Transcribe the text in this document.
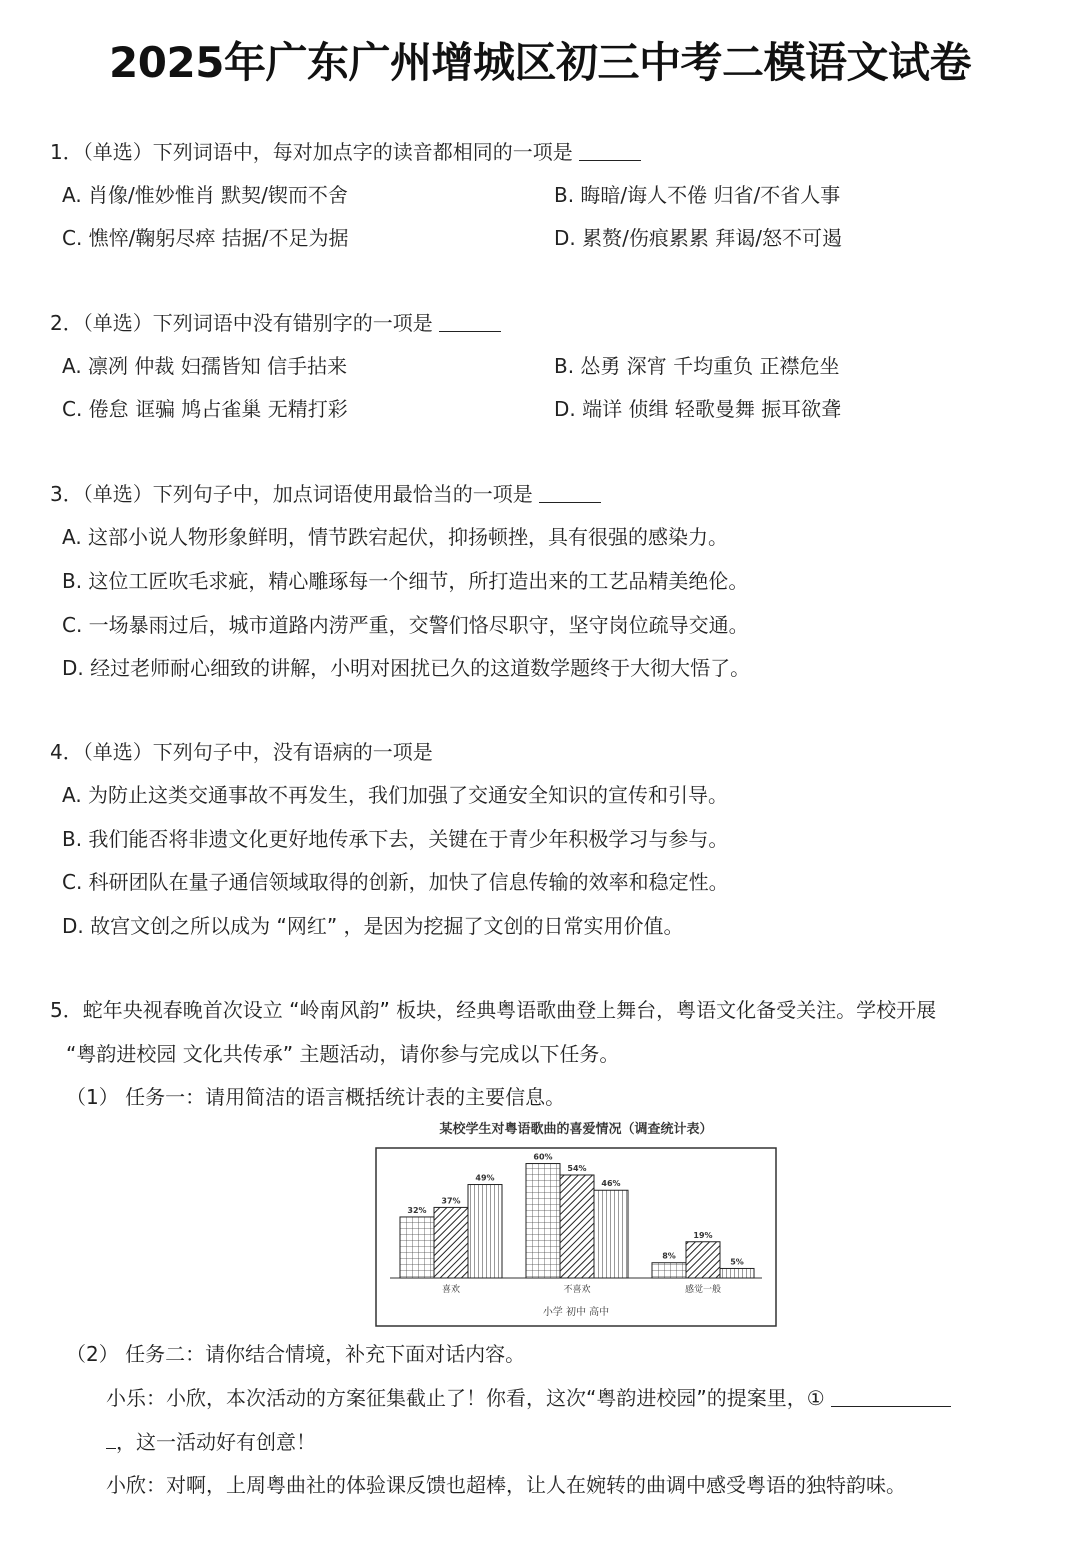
2025年广东广州增城区初三中考二模语文试卷
1．（单选）下列词语中，每对加点字的读音都相同的一项是
A. 肖像/惟妙惟肖 默契/锲而不舍	B. 晦暗/诲人不倦 归省/不省人事
C. 憔悴/鞠躬尽瘁 拮据/不足为据	D. 累赘/伤痕累累 拜谒/怒不可遏
2．（单选）下列词语中没有错别字的一项是
A. 凛冽 仲裁 妇孺皆知 信手拈来	B. 怂勇 深宵 千均重负 正襟危坐
C. 倦怠 诓骗 鸠占雀巢 无精打彩	D. 端详 侦缉 轻歌曼舞 振耳欲聋
3．（单选）下列句子中，加点词语使用最恰当的一项是
A. 这部小说人物形象鲜明，情节跌宕起伏，抑扬顿挫，具有很强的感染力。
B. 这位工匠吹毛求疵，精心雕琢每一个细节，所打造出来的工艺品精美绝伦。
C. 一场暴雨过后，城市道路内涝严重，交警们恪尽职守，坚守岗位疏导交通。
D. 经过老师耐心细致的讲解，小明对困扰已久的这道数学题终于大彻大悟了。
4．（单选）下列句子中，没有语病的一项是
A. 为防止这类交通事故不再发生，我们加强了交通安全知识的宣传和引导。
B. 我们能否将非遗文化更好地传承下去，关键在于青少年积极学习与参与。
C. 科研团队在量子通信领域取得的创新，加快了信息传输的效率和稳定性。
D. 故宫文创之所以成为 “网红” ，是因为挖掘了文创的日常实用价值。
5．蛇年央视春晚首次设立 “岭南风韵” 板块，经典粤语歌曲登上舞台，粤语文化备受关注。学校开展
“粤韵进校园 文化共传承” 主题活动，请你参与完成以下任务。
（1） 任务一：请用简洁的语言概括统计表的主要信息。
某校学生对粤语歌曲的喜爱情况（调查统计表）
32%
37%
49%
60%
54%
46%
8%
19%
5%
喜欢	不喜欢	感觉一般
小学 初中 高中
（2） 任务二：请你结合情境，补充下面对话内容。
小乐：小欣，本次活动的方案征集截止了！你看，这次“粤韵进校园”的提案里，①
，这一活动好有创意！
小欣：对啊，上周粤曲社的体验课反馈也超棒，让人在婉转的曲调中感受粤语的独特韵味。
